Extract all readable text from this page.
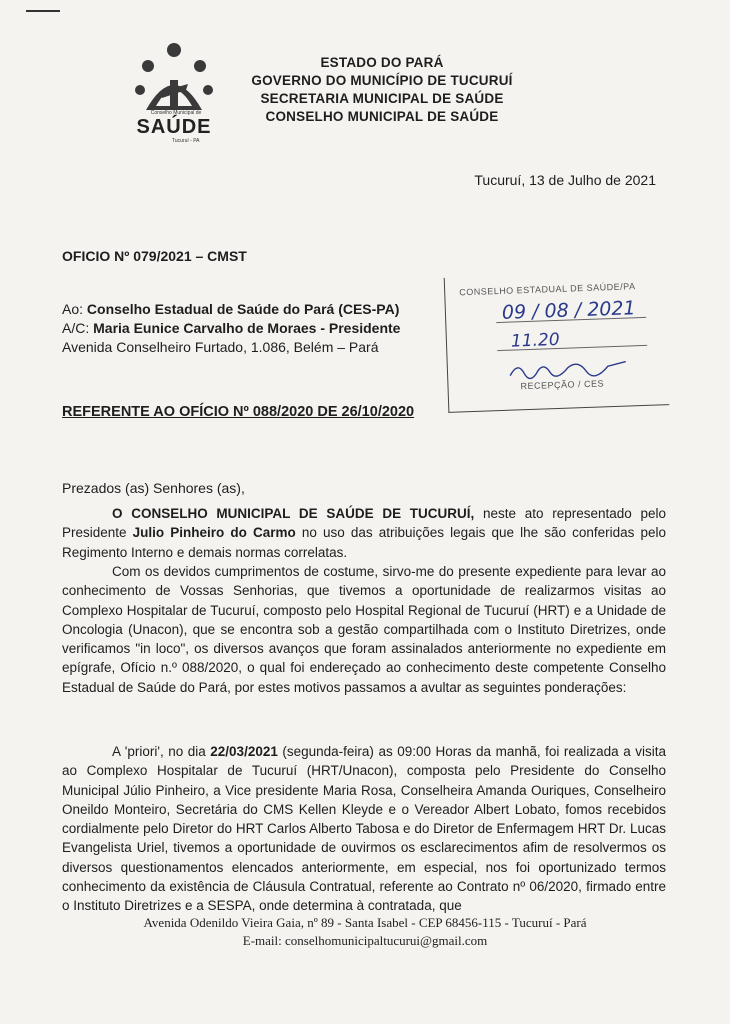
SAÚDE
Conselho Municipal de
Tucuruí - PA
ESTADO DO PARÁ
GOVERNO DO MUNICÍPIO DE TUCURUÍ
SECRETARIA MUNICIPAL DE SAÚDE
CONSELHO MUNICIPAL DE SAÚDE
Tucuruí, 13 de Julho de 2021
OFICIO Nº 079/2021 – CMST
Ao: Conselho Estadual de Saúde do Pará (CES-PA)
A/C: Maria Eunice Carvalho de Moraes - Presidente
Avenida Conselheiro Furtado, 1.086, Belém – Pará
CONSELHO ESTADUAL DE SAÚDE/PA
09 / 08 / 2021
11.20
RECEPÇÃO / CES
REFERENTE AO OFÍCIO Nº 088/2020 DE 26/10/2020
Prezados (as) Senhores (as),
O CONSELHO MUNICIPAL DE SAÚDE DE TUCURUÍ, neste ato representado pelo Presidente Julio Pinheiro do Carmo no uso das atribuições legais que lhe são conferidas pelo Regimento Interno e demais normas correlatas.
Com os devidos cumprimentos de costume, sirvo-me do presente expediente para levar ao conhecimento de Vossas Senhorias, que tivemos a oportunidade de realizarmos visitas ao Complexo Hospitalar de Tucuruí, composto pelo Hospital Regional de Tucuruí (HRT) e a Unidade de Oncologia (Unacon), que se encontra sob a gestão compartilhada com o Instituto Diretrizes, onde verificamos "in loco", os diversos avanços que foram assinalados anteriormente no expediente em epígrafe, Ofício n.º 088/2020, o qual foi endereçado ao conhecimento deste competente Conselho Estadual de Saúde do Pará, por estes motivos passamos a avultar as seguintes ponderações:
A 'priori', no dia 22/03/2021 (segunda-feira) as 09:00 Horas da manhã, foi realizada a visita ao Complexo Hospitalar de Tucuruí (HRT/Unacon), composta pelo Presidente do Conselho Municipal Júlio Pinheiro, a Vice presidente Maria Rosa, Conselheira Amanda Ouriques, Conselheiro Oneildo Monteiro, Secretária do CMS Kellen Kleyde e o Vereador Albert Lobato, fomos recebidos cordialmente pelo Diretor do HRT Carlos Alberto Tabosa e do Diretor de Enfermagem HRT Dr. Lucas Evangelista Uriel, tivemos a oportunidade de ouvirmos os esclarecimentos afim de resolvermos os diversos questionamentos elencados anteriormente, em especial, nos foi oportunizado termos conhecimento da existência de Cláusula Contratual, referente ao Contrato nº 06/2020, firmado entre o Instituto Diretrizes e a SESPA, onde determina à contratada, que
Avenida Odenildo Vieira Gaia, nº 89 - Santa Isabel - CEP 68456-115 - Tucuruí - Pará
E-mail: conselhomunicipaltucurui@gmail.com
